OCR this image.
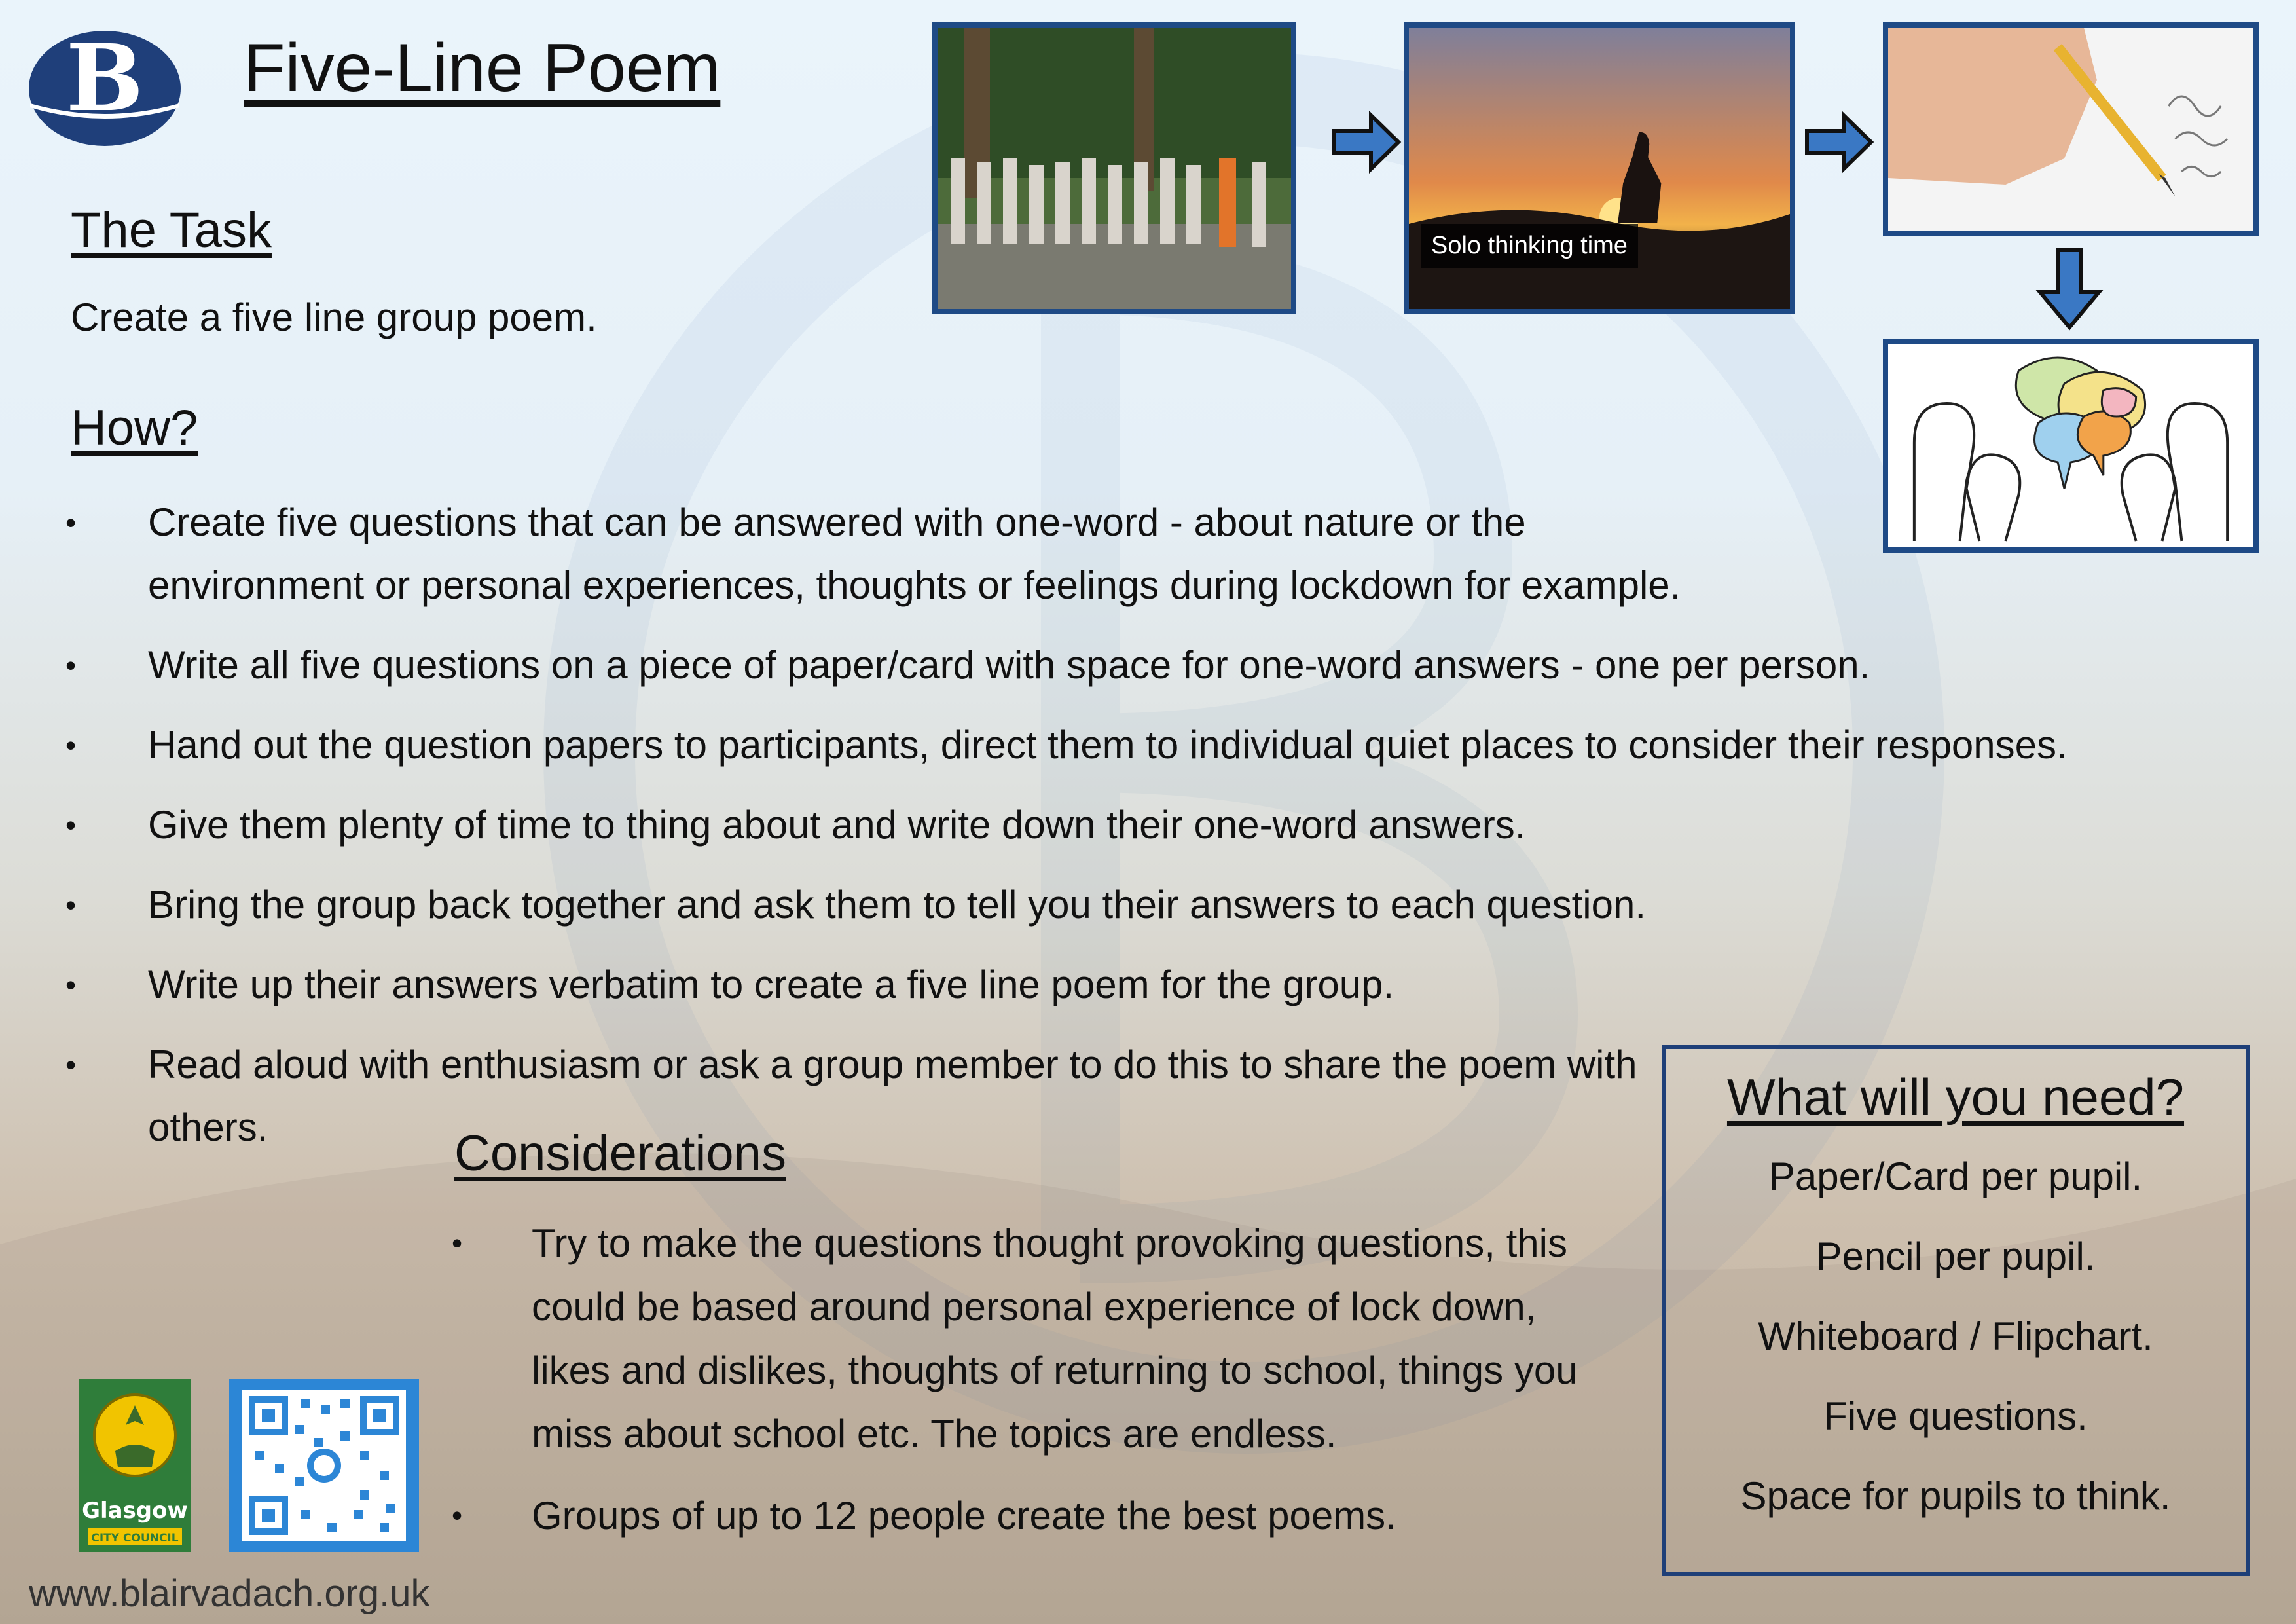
B Five-Line Poem
The Task
Create a five line group poem.
How?
• Create five questions that can be answered with one-word - about nature or the environment or personal experiences, thoughts or feelings during lockdown for example.
• Write all five questions on a piece of paper/card with space for one-word answers - one per person.
• Hand out the question papers to participants, direct them to individual quiet places to consider their responses.
• Give them plenty of time to thing about and write down their one-word answers.
• Bring the group back together and ask them to tell you their answers to each question.
• Write up their answers verbatim to create a five line poem for the group.
• Read aloud with enthusiasm or ask a group member to do this to share the poem with others.	Considerations
• Try to make the questions thought provoking questions, this could be based around personal experience of lock down, likes and dislikes, thoughts of returning to school, things you miss about school etc. The topics are endless.
• Groups of up to 12 people create the best poems.
What will you need?
Paper/Card per pupil.
Pencil per pupil.
Whiteboard / Flipchart.
Five questions.
Space for pupils to think.
Solo thinking time
Glasgow
CITY COUNCIL
www.blairvadach.org.uk
